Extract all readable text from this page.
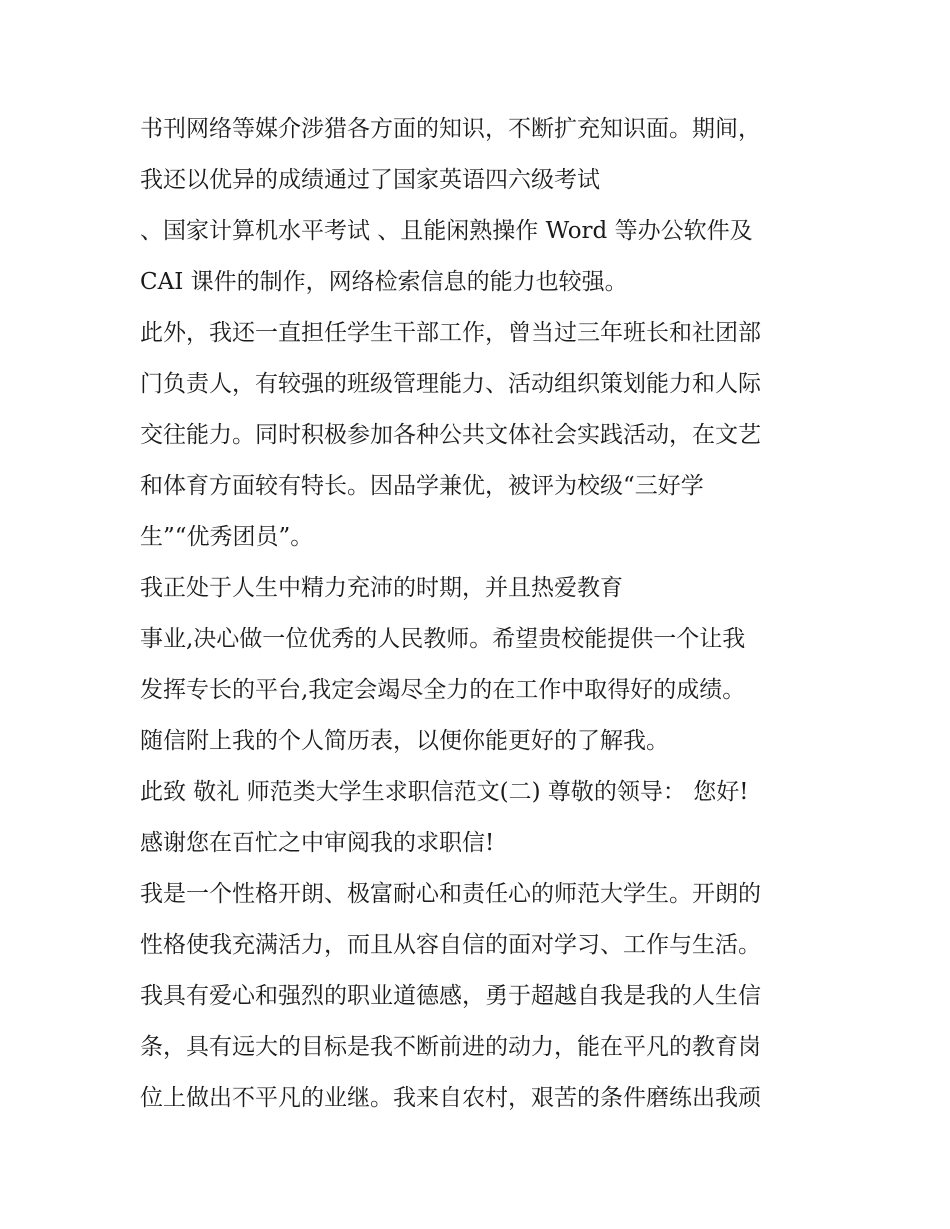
书刊网络等媒介涉猎各方面的知识，不断扩充知识面。期间，
我还以优异的成绩通过了国家英语四六级考试
、国家计算机水平考试 、且能闲熟操作 Word 等办公软件及
CAI 课件的制作，网络检索信息的能力也较强。
此外，我还一直担任学生干部工作，曾当过三年班长和社团部
门负责人，有较强的班级管理能力、活动组织策划能力和人际
交往能力。同时积极参加各种公共文体社会实践活动，在文艺
和体育方面较有特长。因品学兼优，被评为校级“三好学
生”“优秀团员”。
我正处于人生中精力充沛的时期，并且热爱教育
事业,决心做一位优秀的人民教师。希望贵校能提供一个让我
发挥专长的平台,我定会竭尽全力的在工作中取得好的成绩。
随信附上我的个人简历表，以便你能更好的了解我。
此致 敬礼 师范类大学生求职信范文(二) 尊敬的领导： 您好!
感谢您在百忙之中审阅我的求职信!
我是一个性格开朗、极富耐心和责任心的师范大学生。开朗的
性格使我充满活力，而且从容自信的面对学习、工作与生活。
我具有爱心和强烈的职业道德感，勇于超越自我是我的人生信
条，具有远大的目标是我不断前进的动力，能在平凡的教育岗
位上做出不平凡的业继。我来自农村，艰苦的条件磨练出我顽
